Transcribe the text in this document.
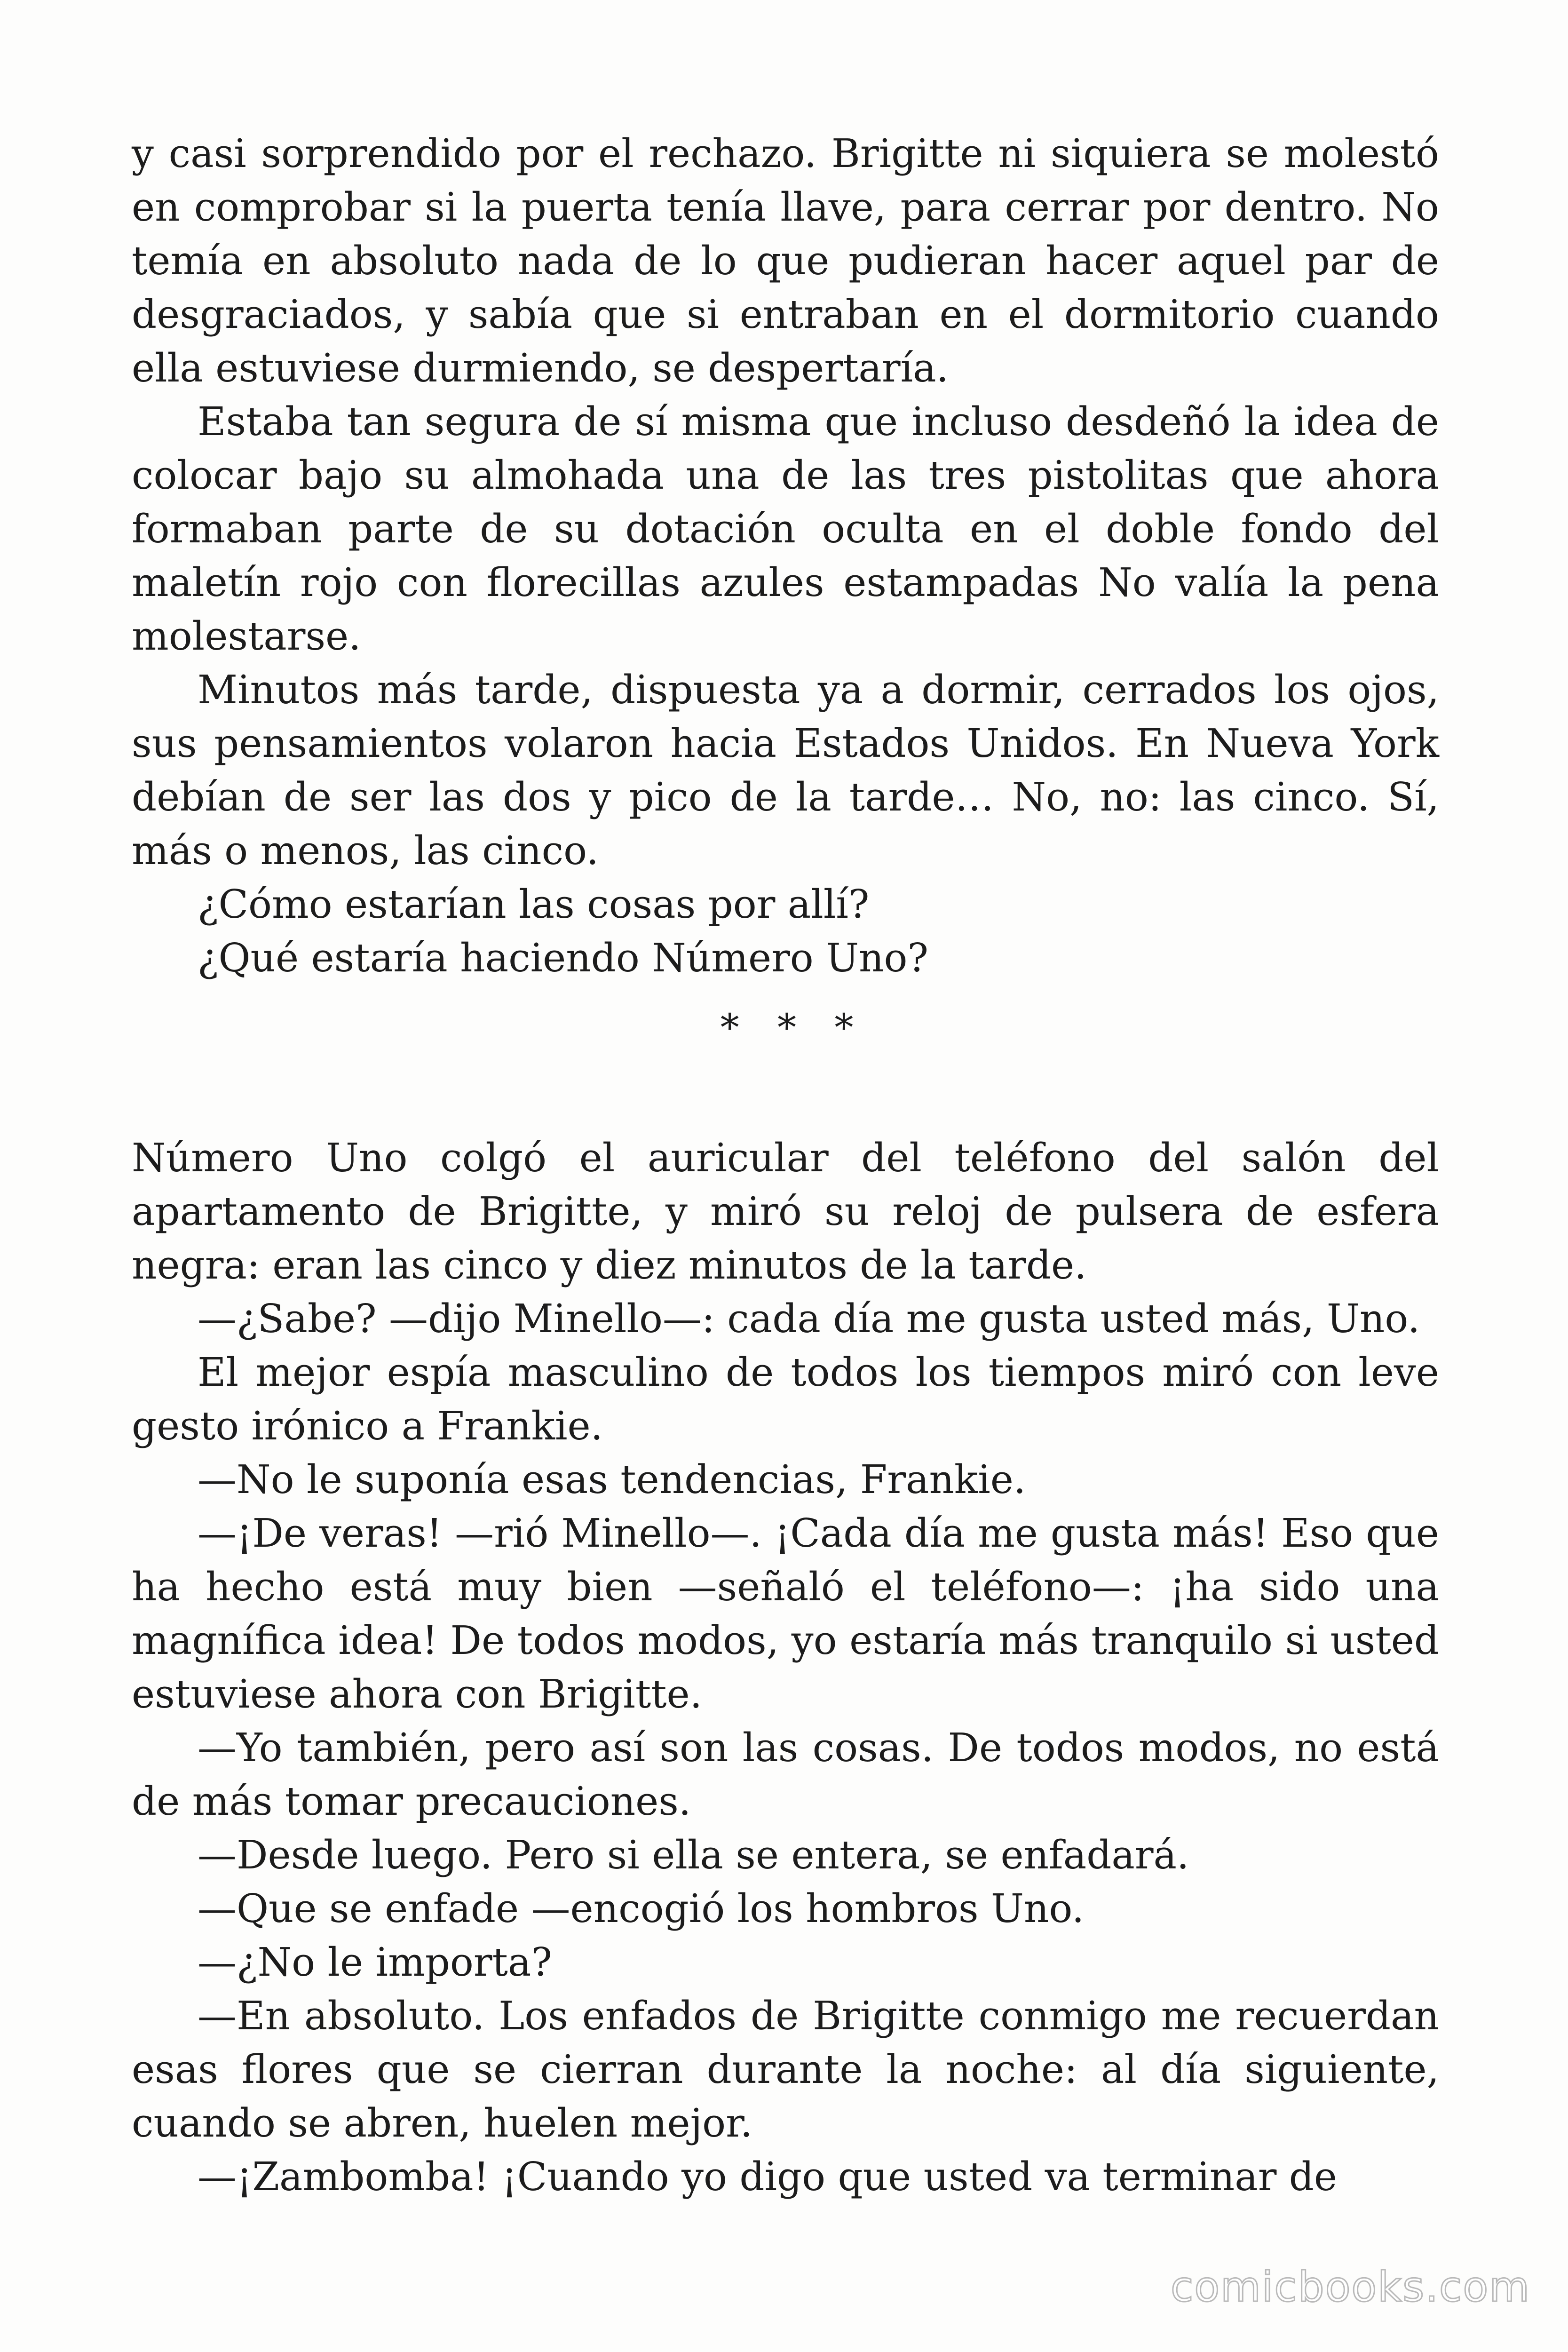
y casi sorprendido por el rechazo. Brigitte ni siquiera se molestó en comprobar si la puerta tenía llave, para cerrar por dentro. No temía en absoluto nada de lo que pudieran hacer aquel par de desgraciados, y sabía que si entraban en el dormitorio cuando ella estuviese durmiendo, se despertaría.

Estaba tan segura de sí misma que incluso desdeñó la idea de colocar bajo su almohada una de las tres pistolitas que ahora formaban parte de su dotación oculta en el doble fondo del maletín rojo con florecillas azules estampadas No valía la pena molestarse.

Minutos más tarde, dispuesta ya a dormir, cerrados los ojos, sus pensamientos volaron hacia Estados Unidos. En Nueva York debían de ser las dos y pico de la tarde… No, no: las cinco. Sí, más o menos, las cinco.

¿Cómo estarían las cosas por allí?

¿Qué estaría haciendo Número Uno?

* * *

Número Uno colgó el auricular del teléfono del salón del apartamento de Brigitte, y miró su reloj de pulsera de esfera negra: eran las cinco y diez minutos de la tarde.

—¿Sabe? —dijo Minello—: cada día me gusta usted más, Uno.

El mejor espía masculino de todos los tiempos miró con leve gesto irónico a Frankie.

—No le suponía esas tendencias, Frankie.

—¡De veras! —rió Minello—. ¡Cada día me gusta más! Eso que ha hecho está muy bien —señaló el teléfono—: ¡ha sido una magnífica idea! De todos modos, yo estaría más tranquilo si usted estuviese ahora con Brigitte.

—Yo también, pero así son las cosas. De todos modos, no está de más tomar precauciones.

—Desde luego. Pero si ella se entera, se enfadará.

—Que se enfade —encogió los hombros Uno.

—¿No le importa?

—En absoluto. Los enfados de Brigitte conmigo me recuerdan esas flores que se cierran durante la noche: al día siguiente, cuando se abren, huelen mejor.

—¡Zambomba! ¡Cuando yo digo que usted va terminar de

comicbooks.com
